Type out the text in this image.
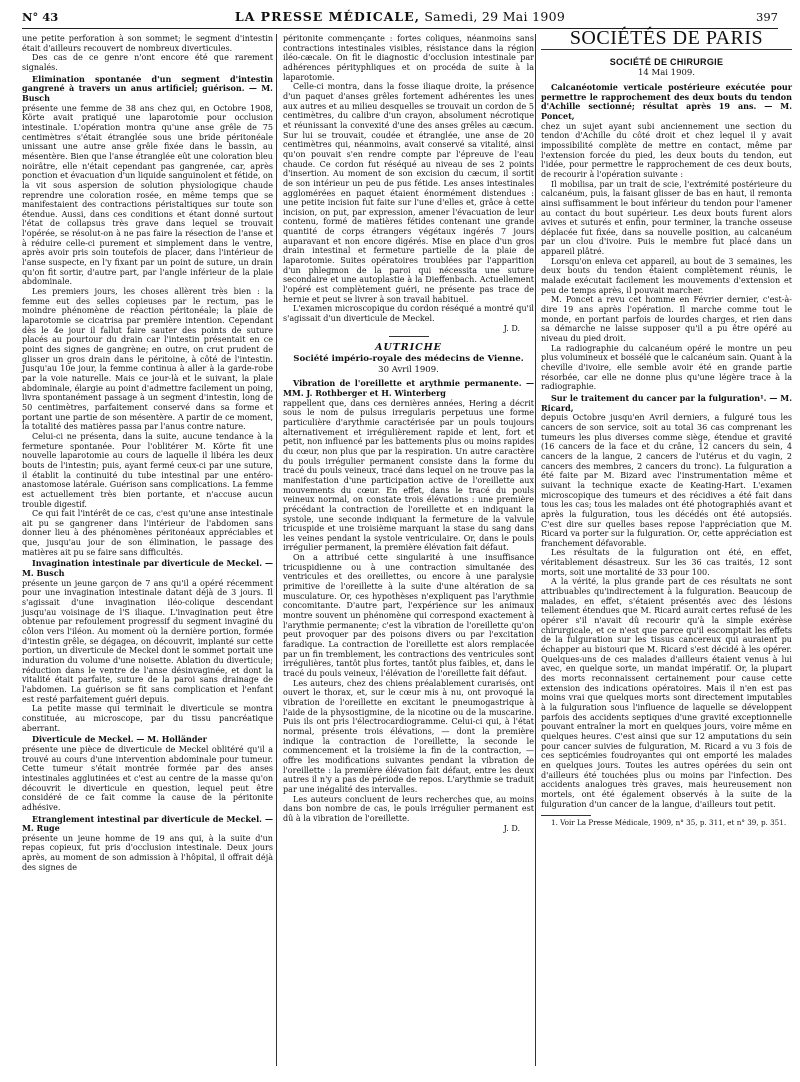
N° 43	LA PRESSE MÉDICALE, Samedi, 29 Mai 1909	397

une petite perforation à son sommet; le segment d'intestin était d'ailleurs recouvert de nombreux diverticules.

Des cas de ce genre n'ont encore été que rarement signalés.

Elimination spontanée d'un segment d'intestin gangrené à travers un anus artificiel; guérison. — M. Busch

présente une femme de 38 ans chez qui, en Octobre 1908, Körte avait pratiqué une laparotomie pour occlusion intestinale. L'opération montra qu'une anse grêle de 75 centimètres s'était étranglée sous une bride péritonéale unissant une autre anse grêle fixée dans le bassin, au mésentère. Bien que l'anse étranglée eût une coloration bleu noirâtre, elle n'était cependant pas gangrenée, car, après ponction et évacuation d'un liquide sanguinolent et fétide, on la vit sous aspersion de solution physiologique chaude reprendre une coloration rosée, en même temps que se manifestaient des contractions péristaltiques sur toute son étendue. Aussi, dans ces conditions et étant donné surtout l'état de collapsus très grave dans lequel se trouvait l'opérée, se résolut-on à ne pas faire la résection de l'anse et à réduire celle-ci purement et simplement dans le ventre, après avoir pris soin toutefois de placer, dans l'intérieur de l'anse suspecte, en l'y fixant par un point de suture, un drain qu'on fit sortir, d'autre part, par l'angle inférieur de la plaie abdominale.

Les premiers jours, les choses allèrent très bien : la femme eut des selles copieuses par le rectum, pas le moindre phénomène de réaction péritonéale; la plaie de laparotomie se cicatrisa par première intention. Cependant dès le 4e jour il fallut faire sauter des points de suture placés au pourtour du drain car l'intestin présentait en ce point des signes de gangrène; en outre, on crut prudent de glisser un gros drain dans le péritoine, à côté de l'intestin. Jusqu'au 10e jour, la femme continua à aller à la garde-robe par la voie naturelle. Mais ce jour-là et le suivant, la plaie abdominale, élargie au point d'admettre facilement un poing, livra spontanément passage à un segment d'intestin, long de 50 centimètres, parfaitement conservé dans sa forme et portant une partie de son mésentère. A partir de ce moment, la totalité des matières passa par l'anus contre nature.

Celui-ci ne présenta, dans la suite, aucune tendance à la fermeture spontanée. Pour l'oblitérer M. Körte fit une nouvelle laparotomie au cours de laquelle il libéra les deux bouts de l'intestin; puis, ayant fermé ceux-ci par une suture, il établit la continuité du tube intestinal par une entéro-anastomose latérale. Guérison sans complications. La femme est actuellement très bien portante, et n'accuse aucun trouble digestif.

Ce qui fait l'intérêt de ce cas, c'est qu'une anse intestinale ait pu se gangrener dans l'intérieur de l'abdomen sans donner lieu à des phénomènes péritonéaux appréciables et que, jusqu'au jour de son élimination, le passage des matières ait pu se faire sans difficultés.

Invagination intestinale par diverticule de Meckel. — M. Busch

présente un jeune garçon de 7 ans qu'il a opéré récemment pour une invagination intestinale datant déjà de 3 jours. Il s'agissait d'une invagination iléo-colique descendant jusqu'au voisinage de l'S iliaque. L'invagination peut être obtenue par refoulement progressif du segment invaginé du côlon vers l'iléon. Au moment où la dernière portion, formée d'intestin grêle, se dégagea, on découvrit, implanté sur cette portion, un diverticule de Meckel dont le sommet portait une induration du volume d'une noisette. Ablation du diverticule; réduction dans le ventre de l'anse désinvaginée, et dont la vitalité était parfaite, suture de la paroi sans drainage de l'abdomen. La guérison se fit sans complication et l'enfant est resté parfaitement guéri depuis.

La petite masse qui terminait le diverticule se montra constituée, au microscope, par du tissu pancréatique aberrant.

Diverticule de Meckel. — M. Holländer

présente une pièce de diverticule de Meckel oblitéré qu'il a trouvé au cours d'une intervention abdominale pour tumeur. Cette tumeur s'était montrée formée par des anses intestinales agglutinées et c'est au centre de la masse qu'on découvrit le diverticule en question, lequel peut être considéré de ce fait comme la cause de la péritonite adhésive.

Etranglement intestinal par diverticule de Meckel. — M. Ruge

présente un jeune homme de 19 ans qui, à la suite d'un repas copieux, fut pris d'occlusion intestinale. Deux jours après, au moment de son admission à l'hôpital, il offrait déjà des signes de

péritonite commençante : fortes coliques, néanmoins sans contractions intestinales visibles, résistance dans la région iléo-cæcale. On fit le diagnostic d'occlusion intestinale par adhérences pérityphliques et on procéda de suite à la laparotomie.

Celle-ci montra, dans la fosse iliaque droite, la présence d'un paquet d'anses grêles fortement adhérentes les unes aux autres et au milieu desquelles se trouvait un cordon de 5 centimètres, du calibre d'un crayon, absolument nécrotique et réunissant la convexité d'une des anses grêles au cæcum. Sur lui se trouvait, coudée et étranglée, une anse de 20 centimètres qui, néanmoins, avait conservé sa vitalité, ainsi qu'on pouvait s'en rendre compte par l'épreuve de l'eau chaude. Ce cordon fut réséqué au niveau de ses 2 points d'insertion. Au moment de son excision du cæcum, il sortit de son intérieur un peu de pus fétide. Les anses intestinales agglomérées en paquet étaient énormément distendues : une petite incision fut faite sur l'une d'elles et, grâce à cette incision, on put, par expression, amener l'évacuation de leur contenu, formé de matières fétides contenant une grande quantité de corps étrangers végétaux ingérés 7 jours auparavant et non encore digérés. Mise en place d'un gros drain intestinal et fermeture partielle de la plaie de laparotomie. Suites opératoires troublées par l'apparition d'un phlegmon de la paroi qui nécessita une suture secondaire et une autoplastie à la Dieffenbach. Actuellement l'opéré est complètement guéri, ne présente pas trace de hernie et peut se livrer à son travail habituel.

L'examen microscopique du cordon réséqué a montré qu'il s'agissait d'un diverticule de Meckel.

J. D.
AUTRICHE
Société império-royale des médecins de Vienne.
30 Avril 1909.
Vibration de l'oreillette et arythmie permanente. — MM. J. Rothberger et H. Winterberg

rappellent que, dans ces dernières années, Hering a décrit sous le nom de pulsus irregularis perpetuus une forme particulière d'arythmie caractérisée par un pouls toujours alternativement et irrégulièrement rapide et lent, fort et petit, non influencé par les battements plus ou moins rapides du cœur, non plus que par la respiration. Un autre caractère du pouls irrégulier permanent consiste dans la forme du tracé du pouls veineux, tracé dans lequel on ne trouve pas la manifestation d'une participation active de l'oreillette aux mouvements du cœur. En effet, dans le tracé du pouls veineux normal, on constate trois élévations : une première précédant la contraction de l'oreillette et en indiquant la systole, une seconde indiquant la fermeture de la valvule tricuspide et une troisième marquant la stase du sang dans les veines pendant la systole ventriculaire. Or, dans le pouls irrégulier permanent, la première élévation fait défaut.

On a attribué cette singularité à une insuffisance tricuspidienne ou à une contraction simultanée des ventricules et des oreillettes, ou encore à une paralysie primitive de l'oreillette à la suite d'une altération de sa musculature. Or, ces hypothèses n'expliquent pas l'arythmie concomitante. D'autre part, l'expérience sur les animaux montre souvent un phénomène qui correspond exactement à l'arythmie permanente; c'est la vibration de l'oreillette qu'on peut provoquer par des poisons divers ou par l'excitation faradique. La contraction de l'oreillette est alors remplacée par un fin tremblement, les contractions des ventricules sont irrégulières, tantôt plus fortes, tantôt plus faibles, et, dans le tracé du pouls veineux, l'élévation de l'oreillette fait défaut.

Les auteurs, chez des chiens préalablement curarisés, ont ouvert le thorax, et, sur le cœur mis à nu, ont provoqué la vibration de l'oreillette en excitant le pneumogastrique à l'aide de la physostigmine, de la nicotine ou de la muscarine. Puis ils ont pris l'électrocardiogramme. Celui-ci qui, à l'état normal, présente trois élévations, — dont la première indique la contraction de l'oreillette, la seconde le commencement et la troisième la fin de la contraction, — offre les modifications suivantes pendant la vibration de l'oreillette : la première élévation fait défaut, entre les deux autres il n'y a pas de période de repos. L'arythmie se traduit par une inégalité des intervalles.

Les auteurs concluent de leurs recherches que, au moins dans bon nombre de cas, le pouls irrégulier permanent est dû à la vibration de l'oreillette.

J. D.
SOCIÉTÉS DE PARIS
SOCIÉTÉ DE CHIRURGIE
14 Mai 1909.
Calcanéotomie verticale postérieure exécutée pour permettre le rapprochement des deux bouts du tendon d'Achille sectionné; résultat après 19 ans. — M. Poncet,

chez un sujet ayant subi anciennement une section du tendon d'Achille du côté droit et chez lequel il y avait impossibilité complète de mettre en contact, même par l'extension forcée du pied, les deux bouts du tendon, eut l'idée, pour permettre le rapprochement de ces deux bouts, de recourir à l'opération suivante :

Il mobilisa, par un trait de scie, l'extrémité postérieure du calcanéum, puis, la faisant glisser de bas en haut, il remonta ainsi suffisamment le bout inférieur du tendon pour l'amener au contact du bout supérieur. Les deux bouts furent alors avives et suturés et enfin, pour terminer, la tranche osseuse déplacée fut fixée, dans sa nouvelle position, au calcanéum par un clou d'ivoire. Puis le membre fut placé dans un appareil plâtré.

Lorsqu'on enleva cet appareil, au bout de 3 semaines, les deux bouts du tendon étaient complètement réunis, le malade exécutait facilement les mouvements d'extension et peu de temps après, il pouvait marcher.

M. Poncet a revu cet homme en Février dernier, c'est-à-dire 19 ans après l'opération. Il marche comme tout le monde, en portant parfois de lourdes charges, et rien dans sa démarche ne laisse supposer qu'il a pu être opéré au niveau du pied droit.

La radiographie du calcanéum opéré le montre un peu plus volumineux et bossélé que le calcanéum sain. Quant à la cheville d'ivoire, elle semble avoir été en grande partie résorbée, car elle ne donne plus qu'une légère trace à la radiographie.

Sur le traitement du cancer par la fulguration¹. — M. Ricard,

depuis Octobre jusqu'en Avril derniers, a fulguré tous les cancers de son service, soit au total 36 cas comprenant les tumeurs les plus diverses comme siège, étendue et gravité (16 cancers de la face et du crâne, 12 cancers du sein, 4 cancers de la langue, 2 cancers de l'utérus et du vagin, 2 cancers des membres, 2 cancers du tronc). La fulguration a été faite par M. Bizard avec l'instrumentation même et suivant la technique exacte de Keating-Hart. L'examen microscopique des tumeurs et des récidives a été fait dans tous les cas; tous les malades ont été photographiés avant et après la fulguration, tous les décédés ont été autopsiés. C'est dire sur quelles bases repose l'appréciation que M. Ricard va porter sur la fulguration. Or, cette appréciation est franchement défavorable.

Les résultats de la fulguration ont été, en effet, véritablement désastreux. Sur les 36 cas traités, 12 sont morts, soit une mortalité de 33 pour 100.

A la vérité, la plus grande part de ces résultats ne sont attribuables qu'indirectement à la fulguration. Beaucoup de malades, en effet, s'étaient présentés avec des lésions tellement étendues que M. Ricard aurait certes refusé de les opérer s'il n'avait dû recourir qu'à la simple exérèse chirurgicale, et ce n'est que parce qu'il escomptait les effets de la fulguration sur les tissus cancereux qui auraient pu échapper au bistouri que M. Ricard s'est décidé à les opérer. Quelques-uns de ces malades d'ailleurs étaient venus à lui avec, en quelque sorte, un mandat impératif. Or, la plupart des morts reconnaissent certainement pour cause cette extension des indications opératoires. Mais il n'en est pas moins vrai que quelques morts sont directement imputables à la fulguration sous l'influence de laquelle se développent parfois des accidents septiques d'une gravité exceptionnelle pouvant entraîner la mort en quelques jours, voire même en quelques heures. C'est ainsi que sur 12 amputations du sein pour cancer suivies de fulguration, M. Ricard a vu 3 fois de ces septicémies foudroyantes qui ont emporté les malades en quelques jours. Toutes les autres opérées du sein ont d'ailleurs été touchées plus ou moins par l'infection. Des accidents analogues très graves, mais heureusement non mortels, ont été également observés à la suite de la fulguration d'un cancer de la langue, d'ailleurs tout petit.

1. Voir La Presse Médicale, 1909, n° 35, p. 311, et n° 39, p. 351.
